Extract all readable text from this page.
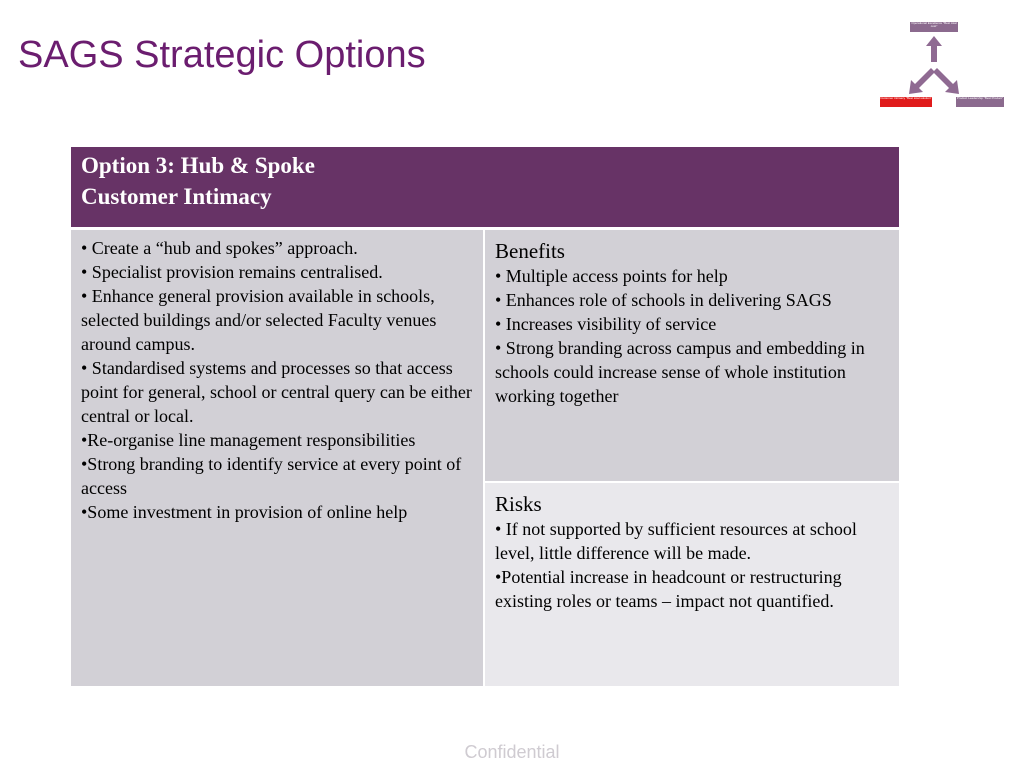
SAGS Strategic Options
Operational Excellence "Best total cost"
Customer intimacy "Best total solution"	Product Leadership "Best Product"
Option 3: Hub & Spoke
Customer Intimacy

• Create a “hub and spokes” approach.

• Specialist provision remains centralised.

• Enhance general provision available in schools, selected buildings and/or selected Faculty venues around campus.

• Standardised systems and processes so that access point for general, school or central query can be either central or local.

•Re-organise line management responsibilities

•Strong branding to identify service at every point of access

•Some investment in provision of online help

Benefits

• Multiple access points for help

• Enhances role of schools in delivering SAGS

• Increases visibility of service

• Strong branding across campus and embedding in schools could increase sense of whole institution working together

Risks

• If not supported by sufficient resources at school level, little difference will be made.

•Potential increase in headcount or restructuring existing roles or teams – impact not quantified.

Confidential
